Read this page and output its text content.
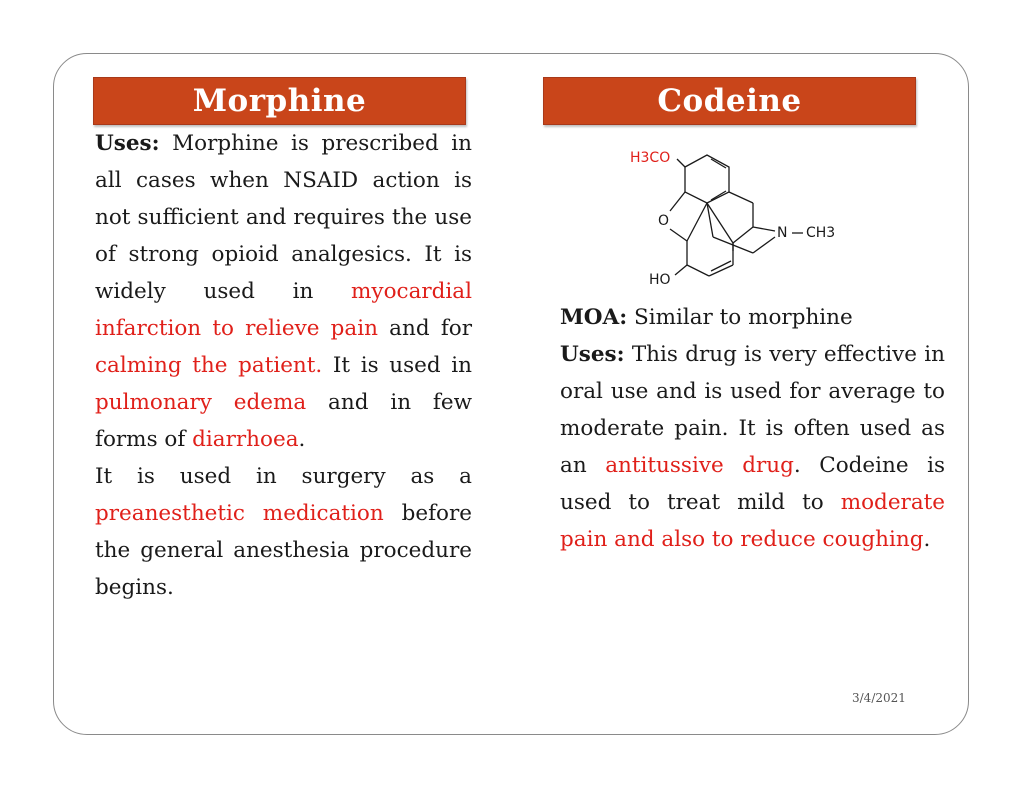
Morphine	Codeine

Uses: Morphine is prescribed in all cases when NSAID action is not sufficient and requires the use of strong opioid analgesics. It is widely used in myocardial infarction to relieve pain and for calming the patient. It is used in pulmonary edema and in few forms of diarrhoea.

It is used in surgery as a preanesthetic medication before the general anesthesia procedure begins.

H3CO
O
N CH3
HO

MOA: Similar to morphine

Uses: This drug is very effective in oral use and is used for average to moderate pain. It is often used as an antitussive drug. Codeine is used to treat mild to moderate pain and also to reduce coughing.

3/4/2021
